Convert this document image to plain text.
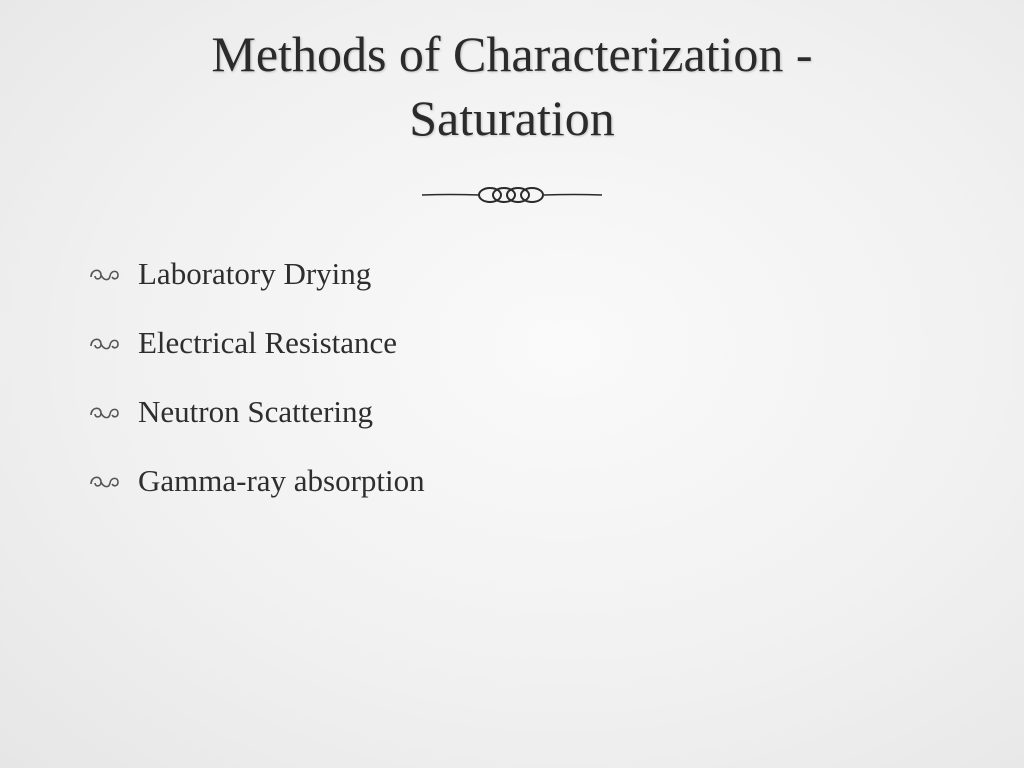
Methods of Characterization -
Saturation
Laboratory Drying
Electrical Resistance
Neutron Scattering
Gamma-ray absorption
